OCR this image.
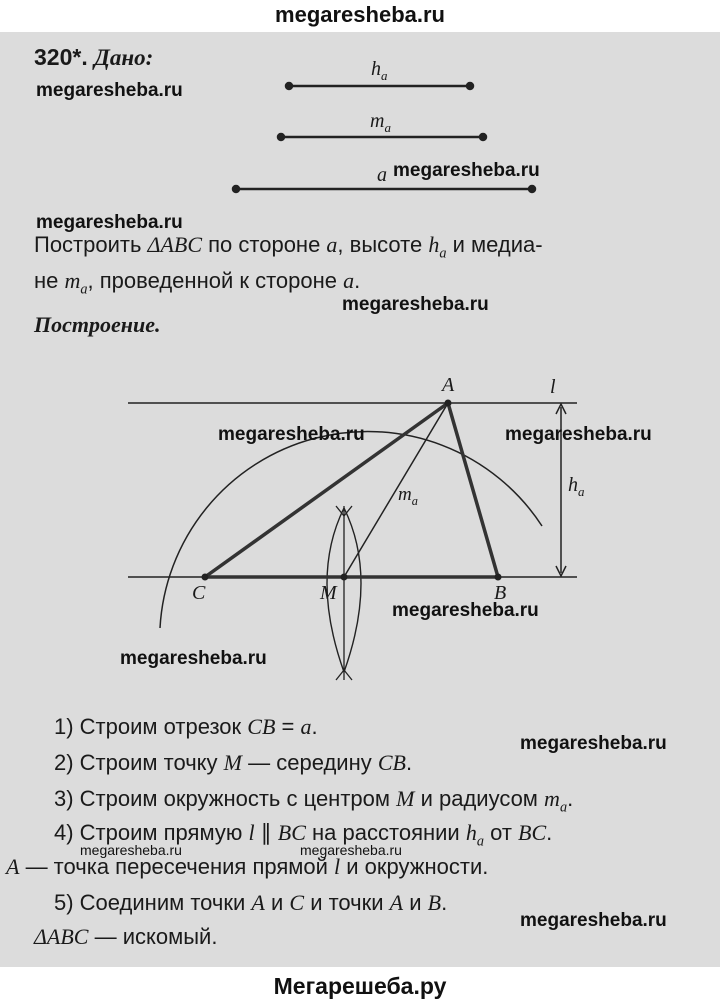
megaresheba.ru
320*. Дано:	$h_a$
$m_a$
a
Построить ΔABC по стороне a, высоте $h_a$ и медиа-
не $m_a$, проведенной к стороне a.
Построение.
A	l
$h_a$
$m_a$
C	M	B
1) Строим отрезок CB = a.
2) Строим точку M — середину CB.
3) Строим окружность с центром M и радиусом $m_a$.
4) Строим прямую l ∥ BC на расстоянии $h_a$ от BC.
A — точка пересечения прямой l и окружности.
5) Соединим точки A и C и точки A и B.
ΔABC — искомый.
megaresheba.ru
megaresheba.ru
megaresheba.ru
megaresheba.ru
megaresheba.ru	megaresheba.ru
megaresheba.ru
megaresheba.ru
megaresheba.ru
megaresheba.ru	megaresheba.ru
megaresheba.ru
Мегарешеба.ру
